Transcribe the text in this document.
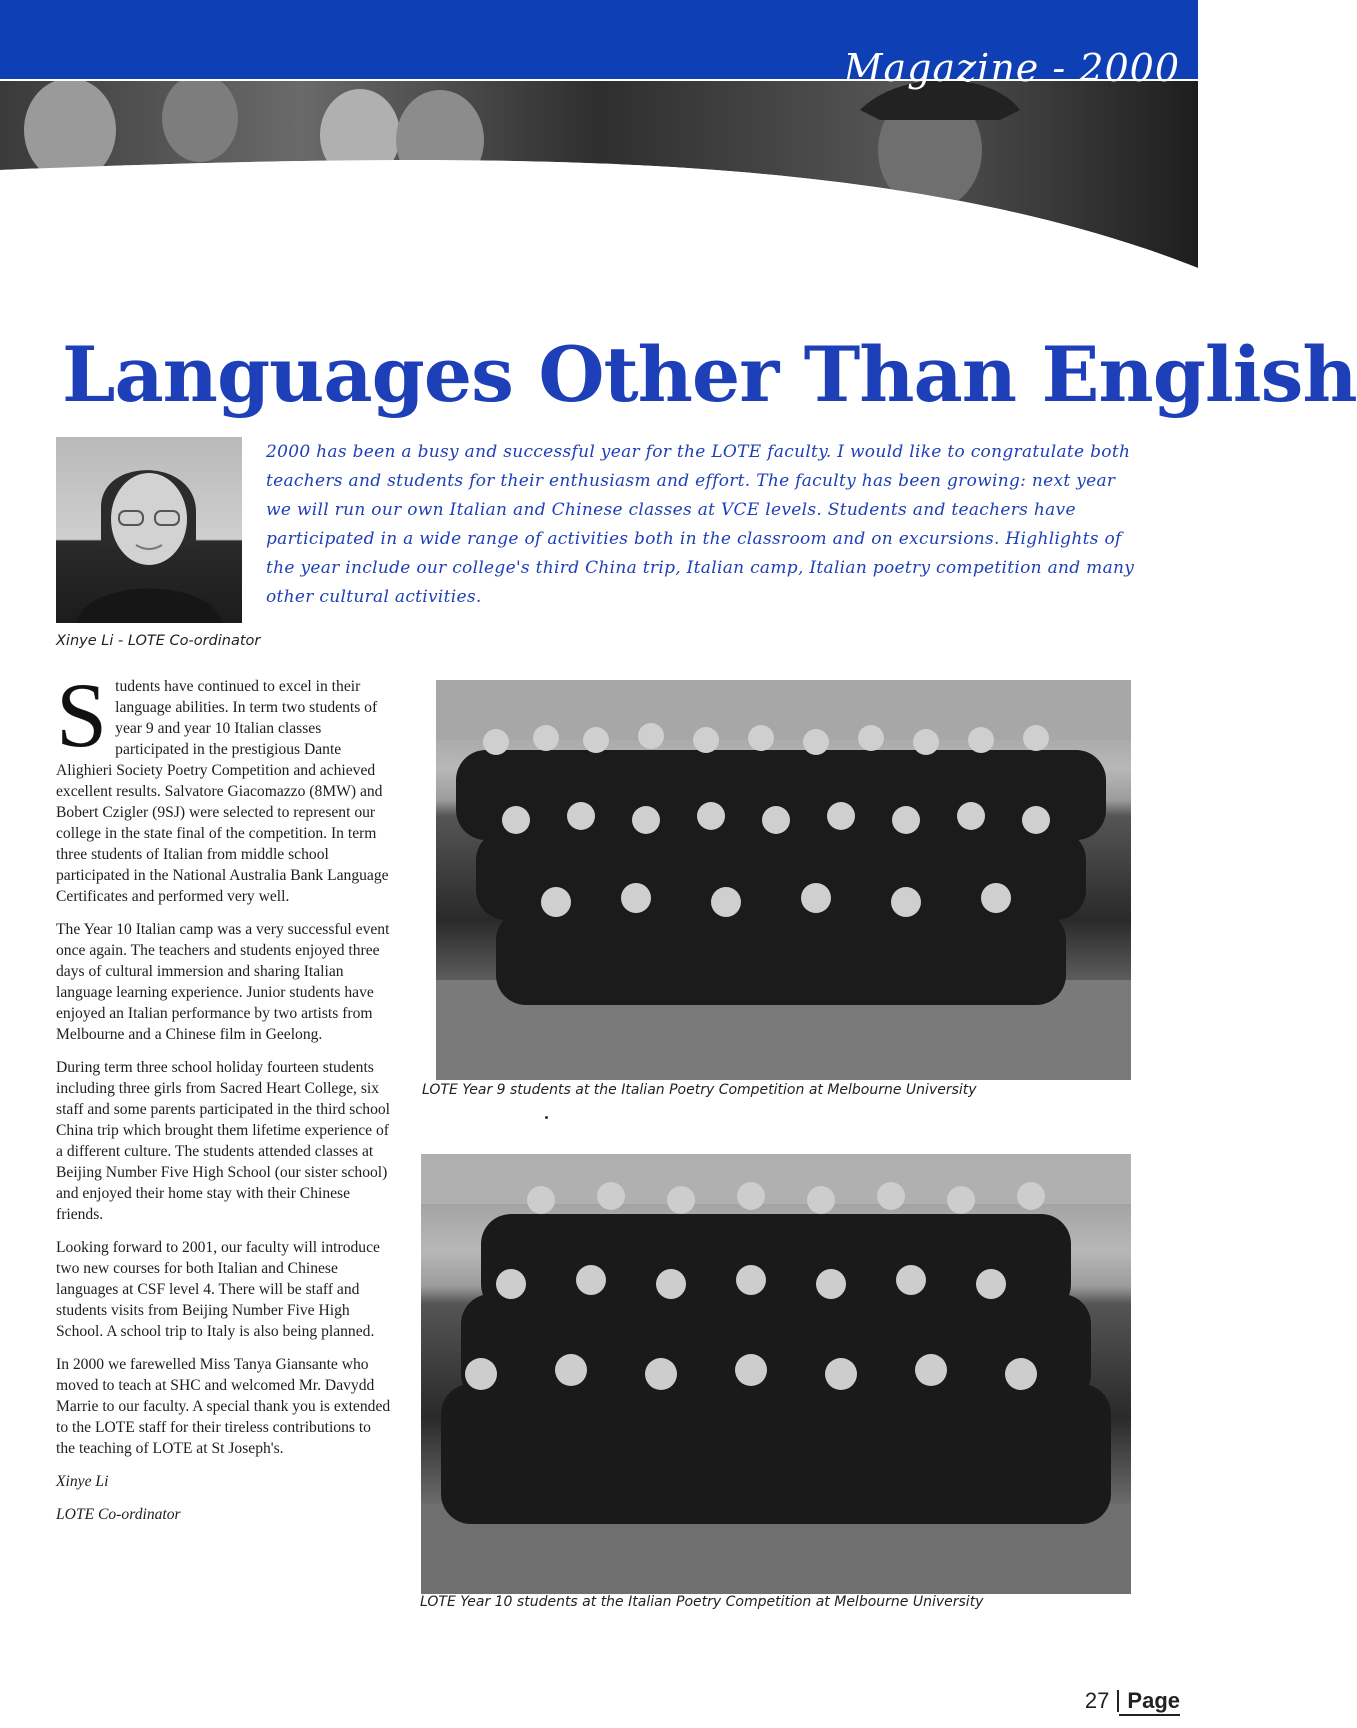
Magazine - 2000
Languages Other Than English
Xinye Li - LOTE Co-ordinator

2000 has been a busy and successful year for the LOTE faculty. I would like to congratulate both teachers and students for their enthusiasm and effort. The faculty has been growing: next year we will run our own Italian and Chinese classes at VCE levels. Students and teachers have participated in a wide range of activities both in the classroom and on excursions. Highlights of the year include our college's third China trip, Italian camp, Italian poetry competition and many other cultural activities.

Students have continued to excel in their language abilities. In term two students of year 9 and year 10 Italian classes participated in the prestigious Dante Alighieri Society Poetry Competition and achieved excellent results. Salvatore Giacomazzo (8MW) and Bobert Czigler (9SJ) were selected to represent our college in the state final of the competition. In term three students of Italian from middle school participated in the National Australia Bank Language Certificates and performed very well.

The Year 10 Italian camp was a very successful event once again. The teachers and students enjoyed three days of cultural immersion and sharing Italian language learning experience. Junior students have enjoyed an Italian performance by two artists from Melbourne and a Chinese film in Geelong.

During term three school holiday fourteen students including three girls from Sacred Heart College, six staff and some parents participated in the third school China trip which brought them lifetime experience of a different culture. The students attended classes at Beijing Number Five High School (our sister school) and enjoyed their home stay with their Chinese friends.

Looking forward to 2001, our faculty will introduce two new courses for both Italian and Chinese languages at CSF level 4. There will be staff and students visits from Beijing Number Five High School. A school trip to Italy is also being planned.

In 2000 we farewelled Miss Tanya Giansante who moved to teach at SHC and welcomed Mr. Davydd Marrie to our faculty. A special thank you is extended to the LOTE staff for their tireless contributions to the teaching of LOTE at St Joseph's.

Xinye Li

LOTE Co-ordinator

LOTE Year 9 students at the Italian Poetry Competition at Melbourne University
LOTE Year 10 students at the Italian Poetry Competition at Melbourne University
27 Page
